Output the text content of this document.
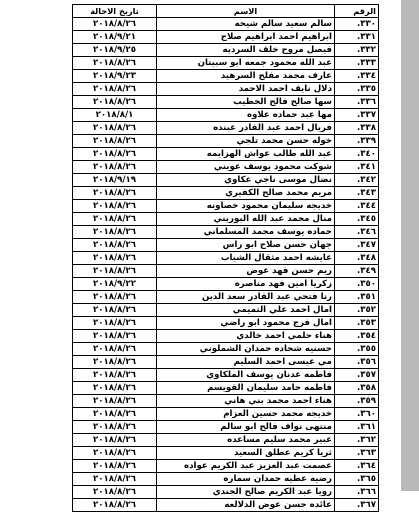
الرقم	الاسم	تاريخ الاحالة
٣٣٠.	سالم سعيد سالم شيحه	٢٠١٨/٨/٢٦
٣٣١.	ابراهيم احمد ابراهيم صلاح	٢٠١٨/٩/٢١
٣٣٢.	فيصل مروح خلف السرديه	٢٠١٨/٩/٢٥
٣٣٣.	عبد الله محمود جمعه ابو سبيتان	٢٠١٨/٨/٢٦
٣٣٤.	عارف محمد مفلح السرهيد	٢٠١٨/٩/٢٣
٣٣٥.	دلال نايف احمد الاحمد	٢٠١٨/٨/٢٦
٣٣٦.	سها صالح فالح الخطيب	٢٠١٨/٨/٢٦
٣٣٧.	مها عبد حماده علاوه	٢٠١٨/٨/١
٣٣٨.	فريال احمد عبد القادر عبنده	٢٠١٨/٨/٢٦
٣٣٩.	خوله حسن محمد تلجي	٢٠١٨/٨/٢٦
٣٤٠.	عبد الله طالب عواش الهزايمه	٢٠١٨/٨/٢٦
٣٤١.	شوكت محمود يوسف عويني	٢٠١٨/٨/٢٦
٣٤٢.	نضال موسى ناجي عكاوي	٢٠١٨/٩/١٩
٣٤٣.	مريم محمد صالح الكفيري	٢٠١٨/٨/٢٦
٣٤٤.	خديجه سليمان محمود خصاونه	٢٠١٨/٨/٢٦
٣٤٥.	منال محمد عبد الله البوريني	٢٠١٨/٨/٢٦
٣٤٦.	حماده يوسف محمد المسلماني	٢٠١٨/٨/٢٦
٣٤٧.	جهان حسن صلاح ابو راس	٢٠١٨/٨/٢٦
٣٤٨.	عايشه احمد مثقال الشياب	٢٠١٨/٨/٢٦
٣٤٩.	ريم حسن فهد عوض	٢٠١٨/٨/٢٦
٣٥٠.	زكريا امين فهد مناصره	٢٠١٨/٩/٢٢
٣٥١.	رنا فتحي عبد القادر سعد الدين	٢٠١٨/٨/٢٦
٣٥٢.	امال احمد علي التميمي	٢٠١٨/٨/٢٦
٣٥٣.	امال فرج محمود ابو راضي	٢٠١٨/٨/٢٦
٣٥٤.	هناء حلمي احمد خالدي	٢٠١٨/٨/٢٦
٣٥٥.	حسنيه شحاده حمدان الشملوني	٢٠١٨/٨/٢٦
٣٥٦.	مي عيسى احمد السليم	٢٠١٨/٨/٢٦
٣٥٧.	فاطمه عدنان يوسف الملكاوي	٢٠١٨/٨/٢٦
٣٥٨.	فاطمه حامد سليمان القويسم	٢٠١٨/٨/٢٦
٣٥٩.	هناء احمد محمد بني هاني	٢٠١٨/٨/٢٦
٣٦٠.	خديجه محمد حسين العزام	٢٠١٨/٨/٢٦
٣٦١.	منتهى نواف فالح ابو سالم	٢٠١٨/٨/٢٦
٣٦٢.	عبير محمد سليم مساعده	٢٠١٨/٨/٢٦
٣٦٣.	ثريا كريم عطلق السعيد	٢٠١٨/٨/٢٦
٣٦٤.	عصمت عبد العزيز عبد الكريم عواده	٢٠١٨/٨/٢٦
٣٦٥.	رضيه عطيه حمدان سماره	٢٠١٨/٨/٢٦
٣٦٦.	رويا عبد الكريم صالح الجندي	٢٠١٨/٨/٢٦
٣٦٧.	عائده حسن عوض الدلالعه	٢٠١٨/٨/٢٦
